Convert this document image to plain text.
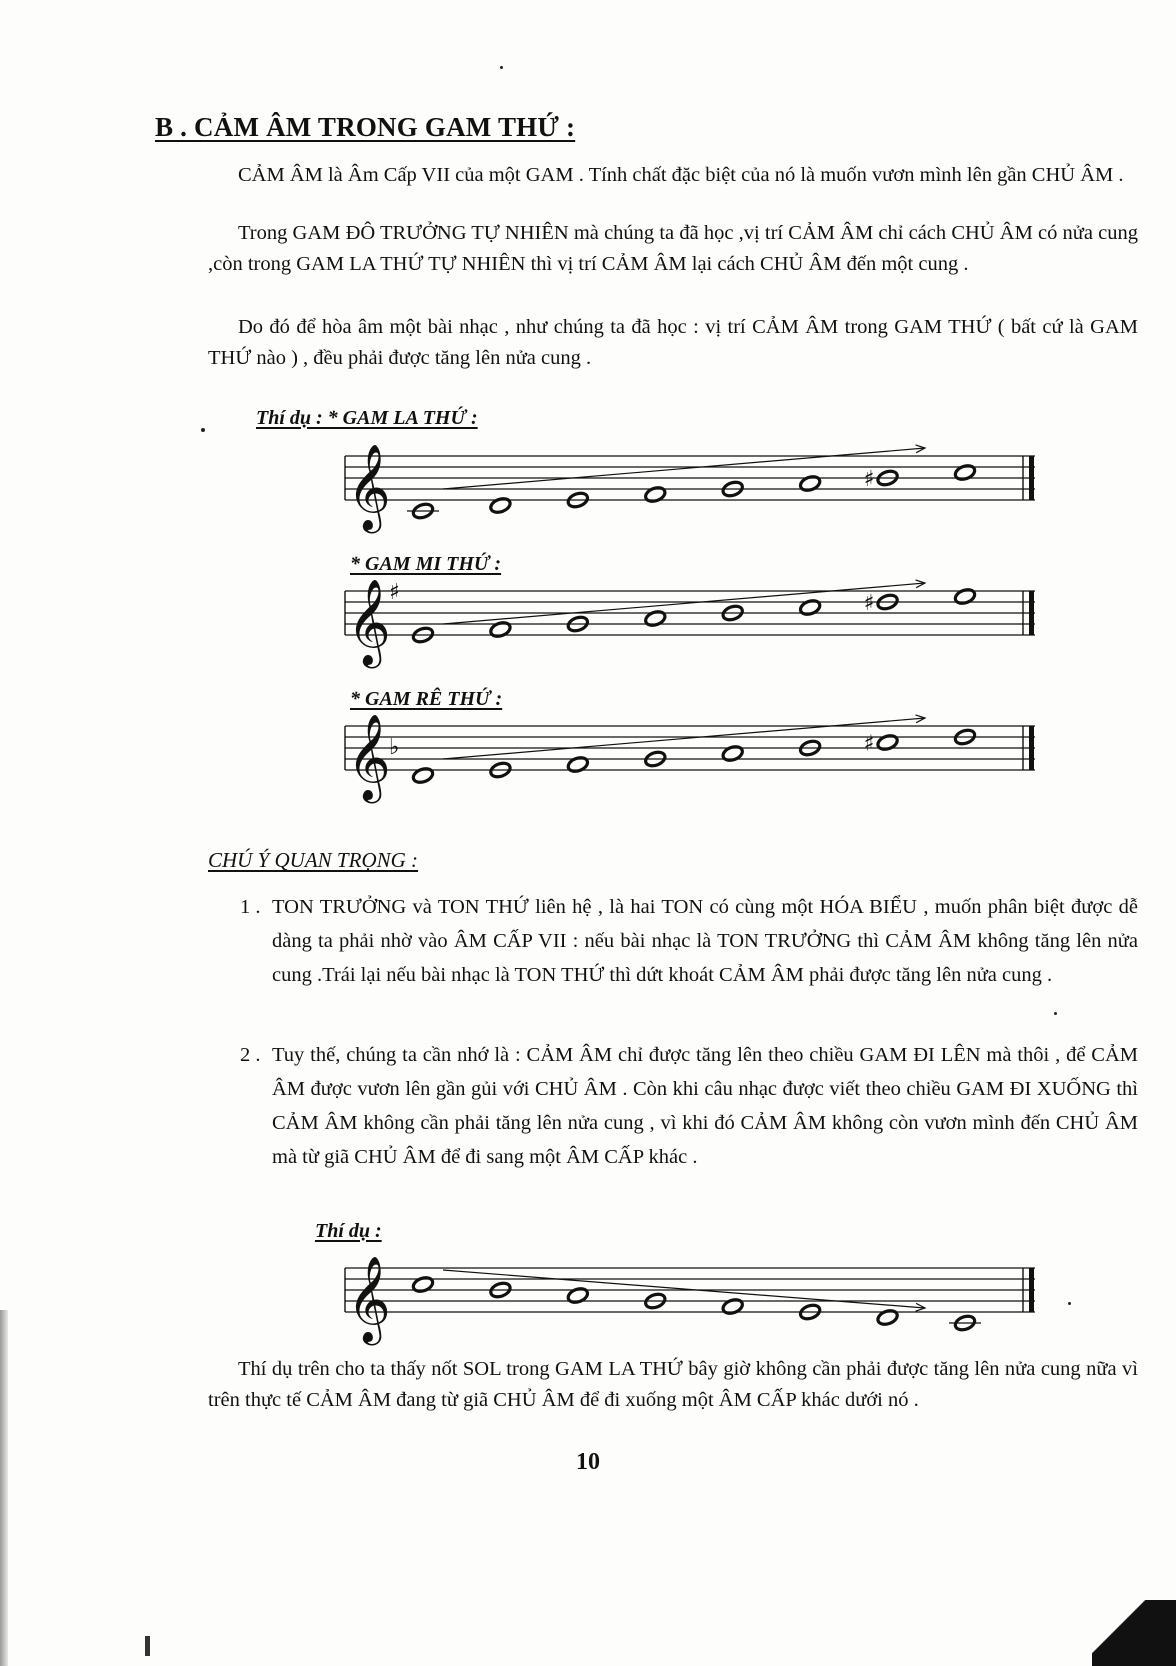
B . CẢM ÂM TRONG GAM THỨ :

CẢM ÂM là Âm Cấp VII của một GAM . Tính chất đặc biệt của nó là muốn vươn mình lên gần CHỦ ÂM .

Trong GAM ĐÔ TRƯỞNG TỰ NHIÊN mà chúng ta đã học ,vị trí CẢM ÂM chỉ cách CHỦ ÂM có nửa cung ,còn trong GAM LA THỨ TỰ NHIÊN thì vị trí CẢM ÂM lại cách CHỦ ÂM đến một cung .

Do đó để hòa âm một bài nhạc , như chúng ta đã học : vị trí CẢM ÂM trong GAM THỨ ( bất cứ là GAM THỨ nào ) , đều phải được tăng lên nửa cung .

Thí dụ : * GAM LA THỨ :
𝄞	♯
* GAM MI THỨ :
𝄞
♯	♯
* GAM RÊ THỨ :
𝄞
♭	♯
CHÚ Ý QUAN TRỌNG :
1 . TON TRƯỞNG và TON THỨ liên hệ , là hai TON có cùng một HÓA BIỂU , muốn phân biệt được dễ dàng ta phải nhờ vào ÂM CẤP VII : nếu bài nhạc là TON TRƯỞNG thì CẢM ÂM không tăng lên nửa cung .Trái lại nếu bài nhạc là TON THỨ thì dứt khoát CẢM ÂM phải được tăng lên nửa cung .
2 . Tuy thế, chúng ta cần nhớ là : CẢM ÂM chỉ được tăng lên theo chiều GAM ĐI LÊN mà thôi , để CẢM ÂM được vươn lên gần gủi với CHỦ ÂM . Còn khi câu nhạc được viết theo chiều GAM ĐI XUỐNG thì CẢM ÂM không cần phải tăng lên nửa cung , vì khi đó CẢM ÂM không còn vươn mình đến CHỦ ÂM mà từ giã CHỦ ÂM để đi sang một ÂM CẤP khác .
Thí dụ :
𝄞

Thí dụ trên cho ta thấy nốt SOL trong GAM LA THỨ bây giờ không cần phải được tăng lên nửa cung nữa vì trên thực tế CẢM ÂM đang từ giã CHỦ ÂM để đi xuống một ÂM CẤP khác dưới nó .

10
